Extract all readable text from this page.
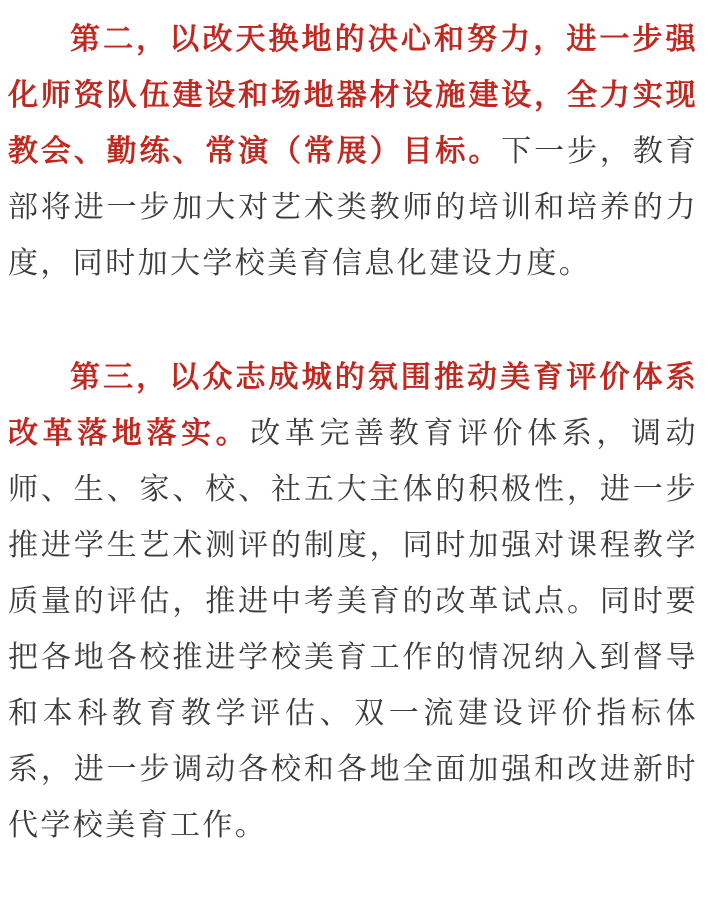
第二，以改天换地的决心和努力，进一步强化师资队伍建设和场地器材设施建设，全力实现教会、勤练、常演（常展）目标。下一步，教育部将进一步加大对艺术类教师的培训和培养的力度，同时加大学校美育信息化建设力度。

第三，以众志成城的氛围推动美育评价体系改革落地落实。改革完善教育评价体系，调动师、生、家、校、社五大主体的积极性，进一步推进学生艺术测评的制度，同时加强对课程教学质量的评估，推进中考美育的改革试点。同时要把各地各校推进学校美育工作的情况纳入到督导和本科教育教学评估、双一流建设评价指标体系，进一步调动各校和各地全面加强和改进新时代学校美育工作。
